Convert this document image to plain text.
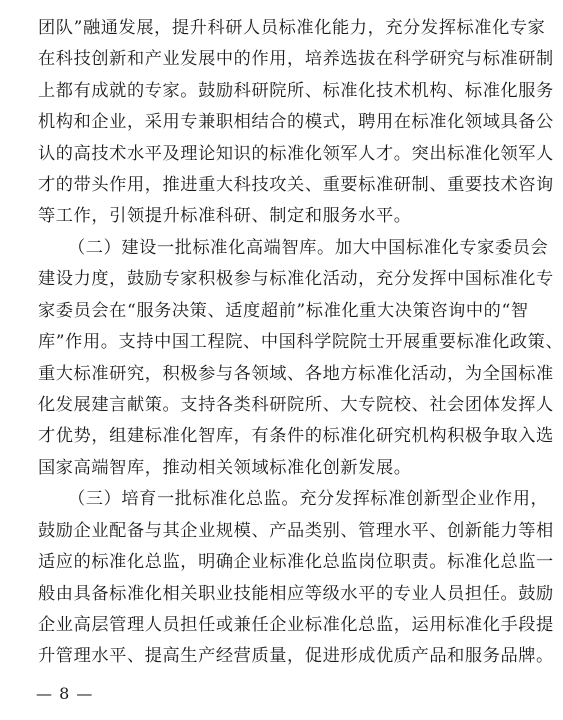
团队”融通发展，提升科研人员标准化能力，充分发挥标准化专家
在科技创新和产业发展中的作用，培养选拔在科学研究与标准研制
上都有成就的专家。鼓励科研院所、标准化技术机构、标准化服务
机构和企业，采用专兼职相结合的模式，聘用在标准化领域具备公
认的高技术水平及理论知识的标准化领军人才。突出标准化领军人
才的带头作用，推进重大科技攻关、重要标准研制、重要技术咨询
等工作，引领提升标准科研、制定和服务水平。
（二）建设一批标准化高端智库。加大中国标准化专家委员会
建设力度，鼓励专家积极参与标准化活动，充分发挥中国标准化专
家委员会在“服务决策、适度超前”标准化重大决策咨询中的“智
库”作用。支持中国工程院、中国科学院院士开展重要标准化政策、
重大标准研究，积极参与各领域、各地方标准化活动，为全国标准
化发展建言献策。支持各类科研院所、大专院校、社会团体发挥人
才优势，组建标准化智库，有条件的标准化研究机构积极争取入选
国家高端智库，推动相关领域标准化创新发展。
（三）培育一批标准化总监。充分发挥标准创新型企业作用，
鼓励企业配备与其企业规模、产品类别、管理水平、创新能力等相
适应的标准化总监，明确企业标准化总监岗位职责。标准化总监一
般由具备标准化相关职业技能相应等级水平的专业人员担任。鼓励
企业高层管理人员担任或兼任企业标准化总监，运用标准化手段提
升管理水平、提高生产经营质量，促进形成优质产品和服务品牌。
— 8 —
